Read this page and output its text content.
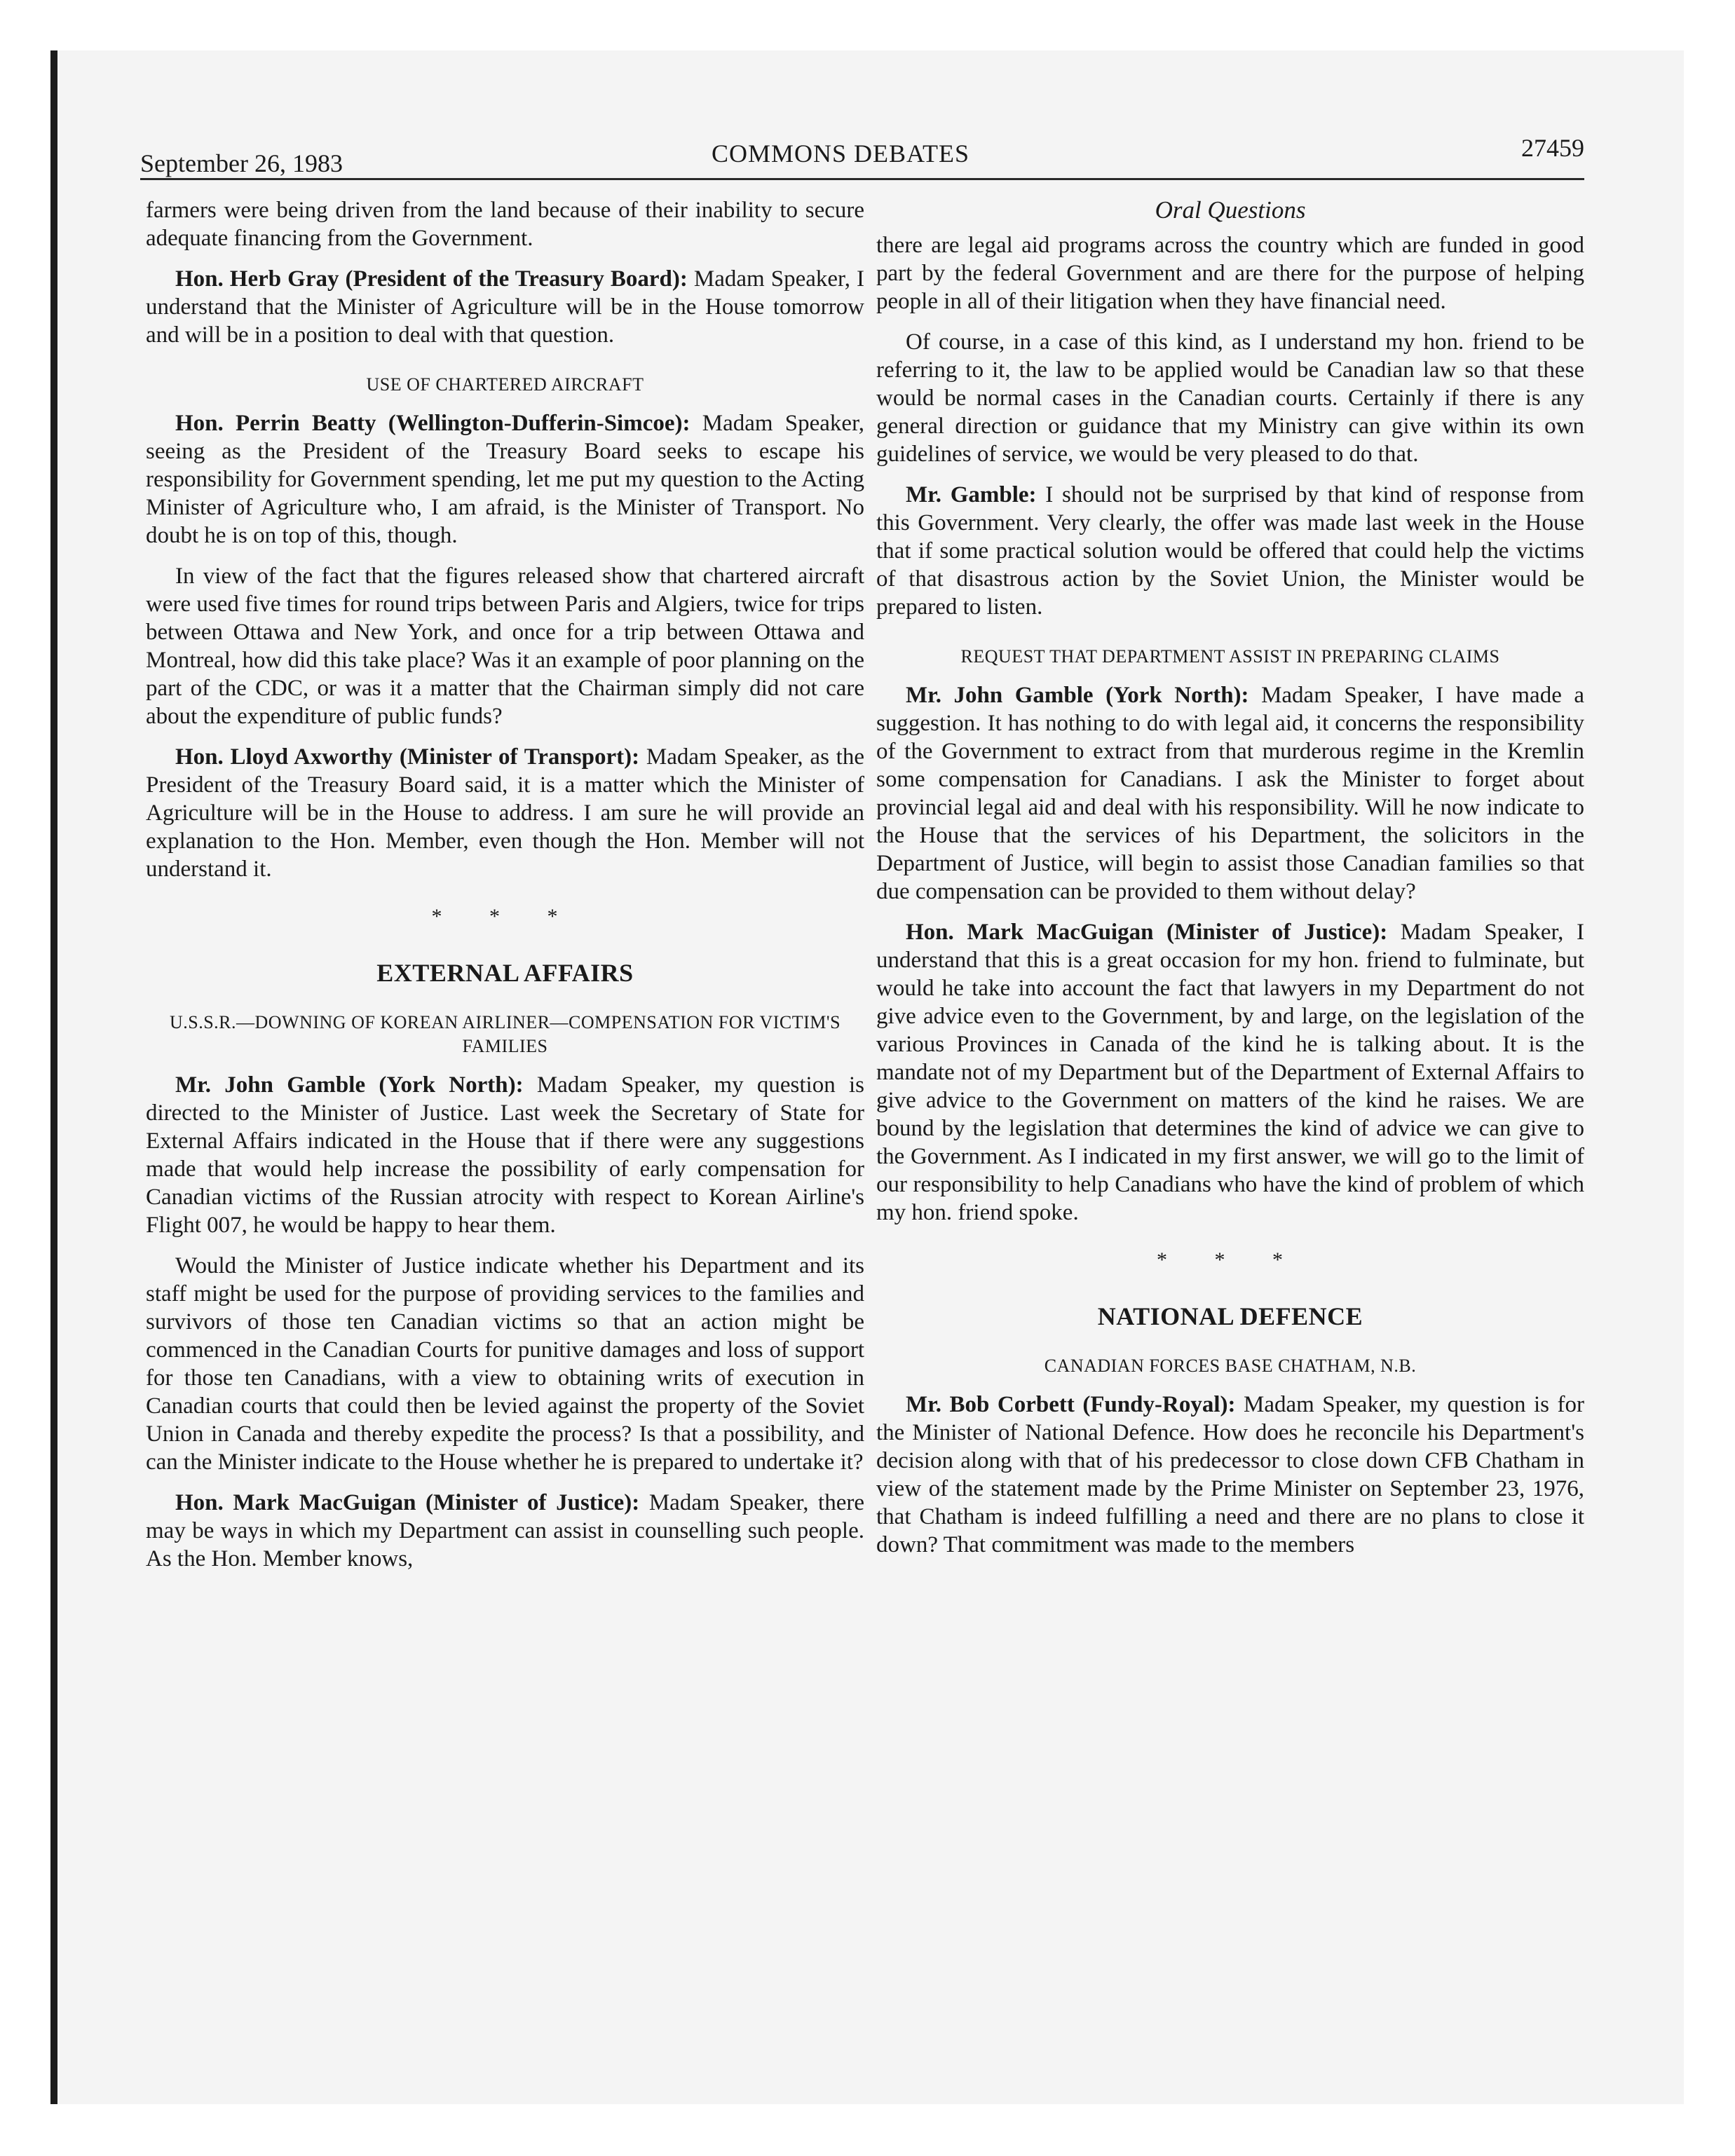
September 26, 1983	COMMONS DEBATES	27459

farmers were being driven from the land because of their inability to secure adequate financing from the Government.

Hon. Herb Gray (President of the Treasury Board): Madam Speaker, I understand that the Minister of Agriculture will be in the House tomorrow and will be in a position to deal with that question.

USE OF CHARTERED AIRCRAFT

Hon. Perrin Beatty (Wellington-Dufferin-Simcoe): Madam Speaker, seeing as the President of the Treasury Board seeks to escape his responsibility for Government spending, let me put my question to the Acting Minister of Agriculture who, I am afraid, is the Minister of Transport. No doubt he is on top of this, though.

In view of the fact that the figures released show that chartered aircraft were used five times for round trips between Paris and Algiers, twice for trips between Ottawa and New York, and once for a trip between Ottawa and Montreal, how did this take place? Was it an example of poor planning on the part of the CDC, or was it a matter that the Chairman simply did not care about the expenditure of public funds?

Hon. Lloyd Axworthy (Minister of Transport): Madam Speaker, as the President of the Treasury Board said, it is a matter which the Minister of Agriculture will be in the House to address. I am sure he will provide an explanation to the Hon. Member, even though the Hon. Member will not understand it.

* * *
EXTERNAL AFFAIRS
U.S.S.R.—DOWNING OF KOREAN AIRLINER—COMPENSATION FOR VICTIM'S FAMILIES

Mr. John Gamble (York North): Madam Speaker, my question is directed to the Minister of Justice. Last week the Secretary of State for External Affairs indicated in the House that if there were any suggestions made that would help increase the possibility of early compensation for Canadian victims of the Russian atrocity with respect to Korean Airline's Flight 007, he would be happy to hear them.

Would the Minister of Justice indicate whether his Department and its staff might be used for the purpose of providing services to the families and survivors of those ten Canadian victims so that an action might be commenced in the Canadian Courts for punitive damages and loss of support for those ten Canadians, with a view to obtaining writs of execution in Canadian courts that could then be levied against the property of the Soviet Union in Canada and thereby expedite the process? Is that a possibility, and can the Minister indicate to the House whether he is prepared to undertake it?

Hon. Mark MacGuigan (Minister of Justice): Madam Speaker, there may be ways in which my Department can assist in counselling such people. As the Hon. Member knows,

Oral Questions

there are legal aid programs across the country which are funded in good part by the federal Government and are there for the purpose of helping people in all of their litigation when they have financial need.

Of course, in a case of this kind, as I understand my hon. friend to be referring to it, the law to be applied would be Canadian law so that these would be normal cases in the Canadian courts. Certainly if there is any general direction or guidance that my Ministry can give within its own guidelines of service, we would be very pleased to do that.

Mr. Gamble: I should not be surprised by that kind of response from this Government. Very clearly, the offer was made last week in the House that if some practical solution would be offered that could help the victims of that disastrous action by the Soviet Union, the Minister would be prepared to listen.

REQUEST THAT DEPARTMENT ASSIST IN PREPARING CLAIMS

Mr. John Gamble (York North): Madam Speaker, I have made a suggestion. It has nothing to do with legal aid, it concerns the responsibility of the Government to extract from that murderous regime in the Kremlin some compensation for Canadians. I ask the Minister to forget about provincial legal aid and deal with his responsibility. Will he now indicate to the House that the services of his Department, the solicitors in the Department of Justice, will begin to assist those Canadian families so that due compensation can be provided to them without delay?

Hon. Mark MacGuigan (Minister of Justice): Madam Speaker, I understand that this is a great occasion for my hon. friend to fulminate, but would he take into account the fact that lawyers in my Department do not give advice even to the Government, by and large, on the legislation of the various Provinces in Canada of the kind he is talking about. It is the mandate not of my Department but of the Department of External Affairs to give advice to the Government on matters of the kind he raises. We are bound by the legislation that determines the kind of advice we can give to the Government. As I indicated in my first answer, we will go to the limit of our responsibility to help Canadians who have the kind of problem of which my hon. friend spoke.

* * *
NATIONAL DEFENCE
CANADIAN FORCES BASE CHATHAM, N.B.

Mr. Bob Corbett (Fundy-Royal): Madam Speaker, my question is for the Minister of National Defence. How does he reconcile his Department's decision along with that of his predecessor to close down CFB Chatham in view of the statement made by the Prime Minister on September 23, 1976, that Chatham is indeed fulfilling a need and there are no plans to close it down? That commitment was made to the members
